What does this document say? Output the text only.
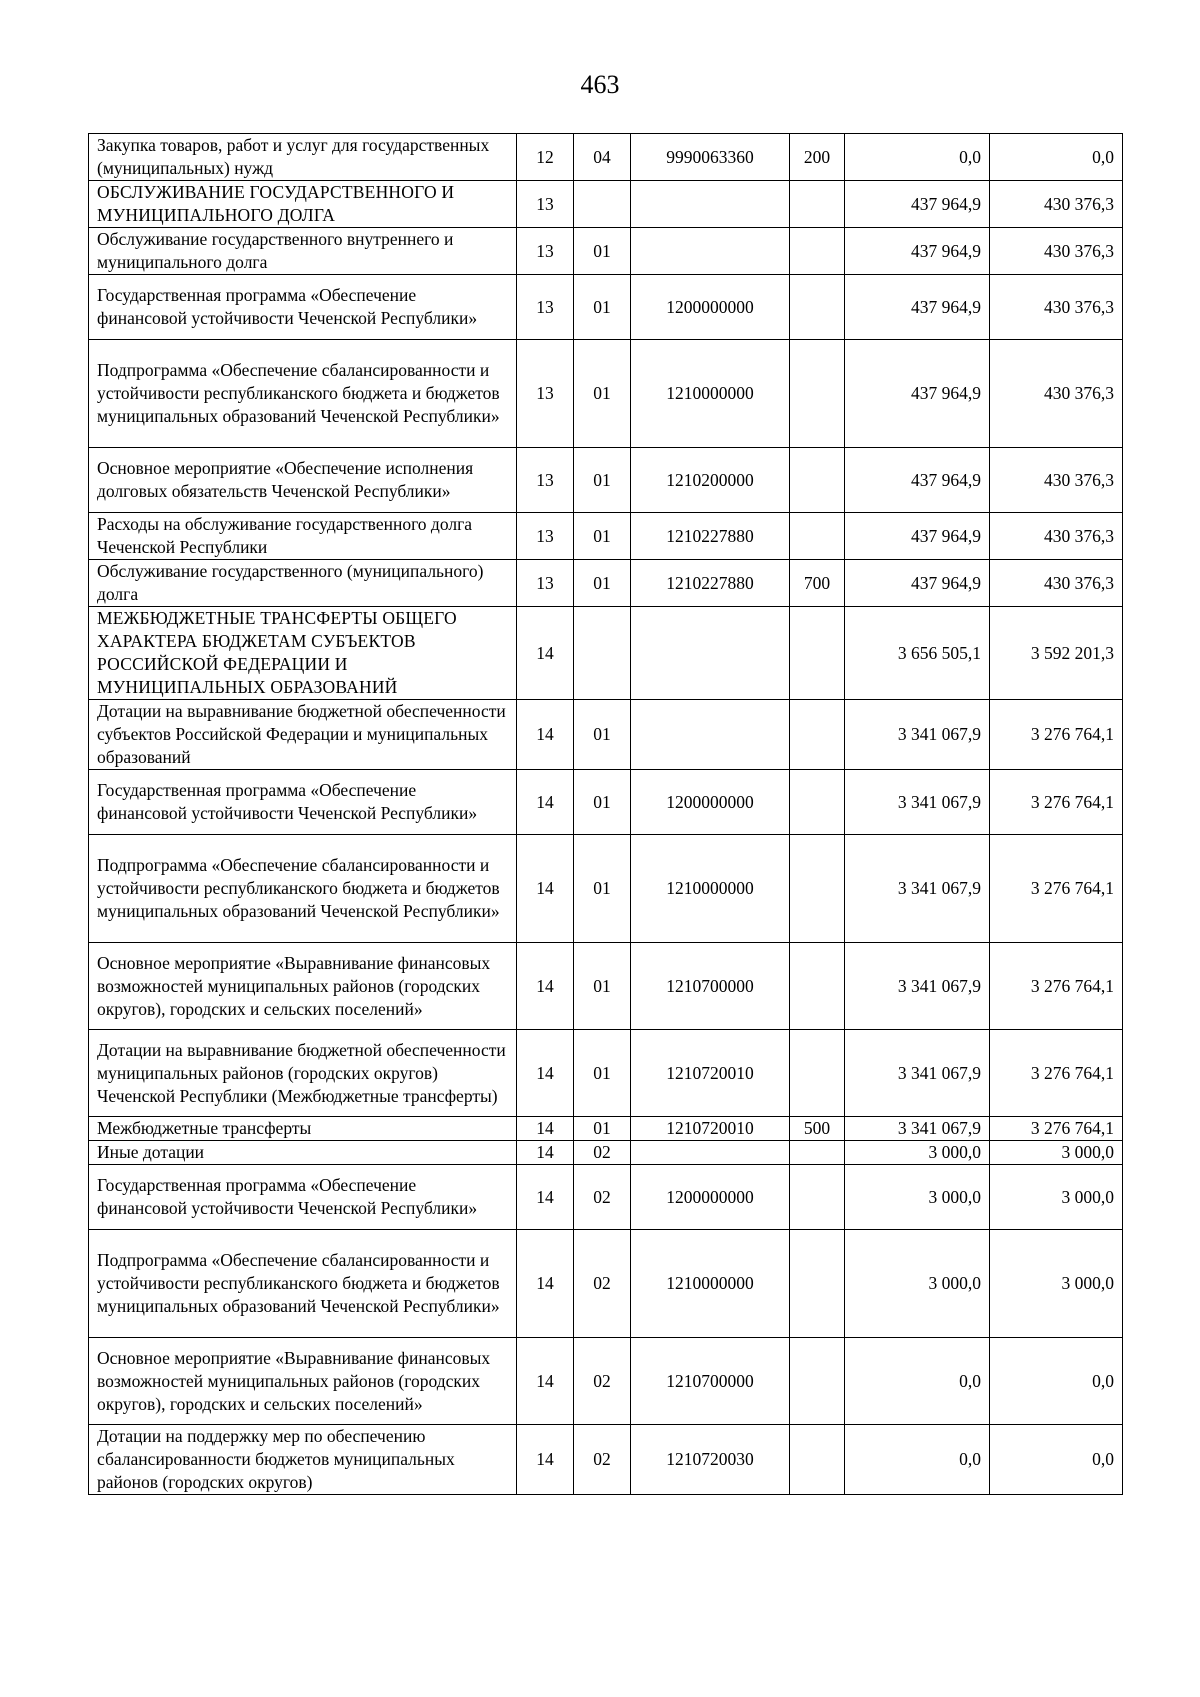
463
Закупка товаров, работ и услуг для государственных (муниципальных) нужд	12	04	9990063360	200	0,0	0,0
ОБСЛУЖИВАНИЕ ГОСУДАРСТВЕННОГО И МУНИЦИПАЛЬНОГО ДОЛГА	13				437 964,9	430 376,3
Обслуживание государственного внутреннего и муниципального долга	13	01			437 964,9	430 376,3
Государственная программа «Обеспечение финансовой устойчивости Чеченской Республики»	13	01	1200000000		437 964,9	430 376,3
Подпрограмма «Обеспечение сбалансированности и устойчивости республиканского бюджета и бюджетов муниципальных образований Чеченской Республики»	13	01	1210000000		437 964,9	430 376,3
Основное мероприятие «Обеспечение исполнения долговых обязательств Чеченской Республики»	13	01	1210200000		437 964,9	430 376,3
Расходы на обслуживание государственного долга Чеченской Республики	13	01	1210227880		437 964,9	430 376,3
Обслуживание государственного (муниципального) долга	13	01	1210227880	700	437 964,9	430 376,3
МЕЖБЮДЖЕТНЫЕ ТРАНСФЕРТЫ ОБЩЕГО ХАРАКТЕРА БЮДЖЕТАМ СУБЪЕКТОВ РОССИЙСКОЙ ФЕДЕРАЦИИ И МУНИЦИПАЛЬНЫХ ОБРАЗОВАНИЙ	14				3 656 505,1	3 592 201,3
Дотации на выравнивание бюджетной обеспеченности субъектов Российской Федерации и муниципальных образований	14	01			3 341 067,9	3 276 764,1
Государственная программа «Обеспечение финансовой устойчивости Чеченской Республики»	14	01	1200000000		3 341 067,9	3 276 764,1
Подпрограмма «Обеспечение сбалансированности и устойчивости республиканского бюджета и бюджетов муниципальных образований Чеченской Республики»	14	01	1210000000		3 341 067,9	3 276 764,1
Основное мероприятие «Выравнивание финансовых возможностей муниципальных районов (городских округов), городских и сельских поселений»	14	01	1210700000		3 341 067,9	3 276 764,1
Дотации на выравнивание бюджетной обеспеченности муниципальных районов (городских округов) Чеченской Республики (Межбюджетные трансферты)	14	01	1210720010		3 341 067,9	3 276 764,1
Межбюджетные трансферты	14	01	1210720010	500	3 341 067,9	3 276 764,1
Иные дотации	14	02			3 000,0	3 000,0
Государственная программа «Обеспечение финансовой устойчивости Чеченской Республики»	14	02	1200000000		3 000,0	3 000,0
Подпрограмма «Обеспечение сбалансированности и устойчивости республиканского бюджета и бюджетов муниципальных образований Чеченской Республики»	14	02	1210000000		3 000,0	3 000,0
Основное мероприятие «Выравнивание финансовых возможностей муниципальных районов (городских округов), городских и сельских поселений»	14	02	1210700000		0,0	0,0
Дотации на поддержку мер по обеспечению сбалансированности бюджетов муниципальных районов (городских округов)	14	02	1210720030		0,0	0,0
